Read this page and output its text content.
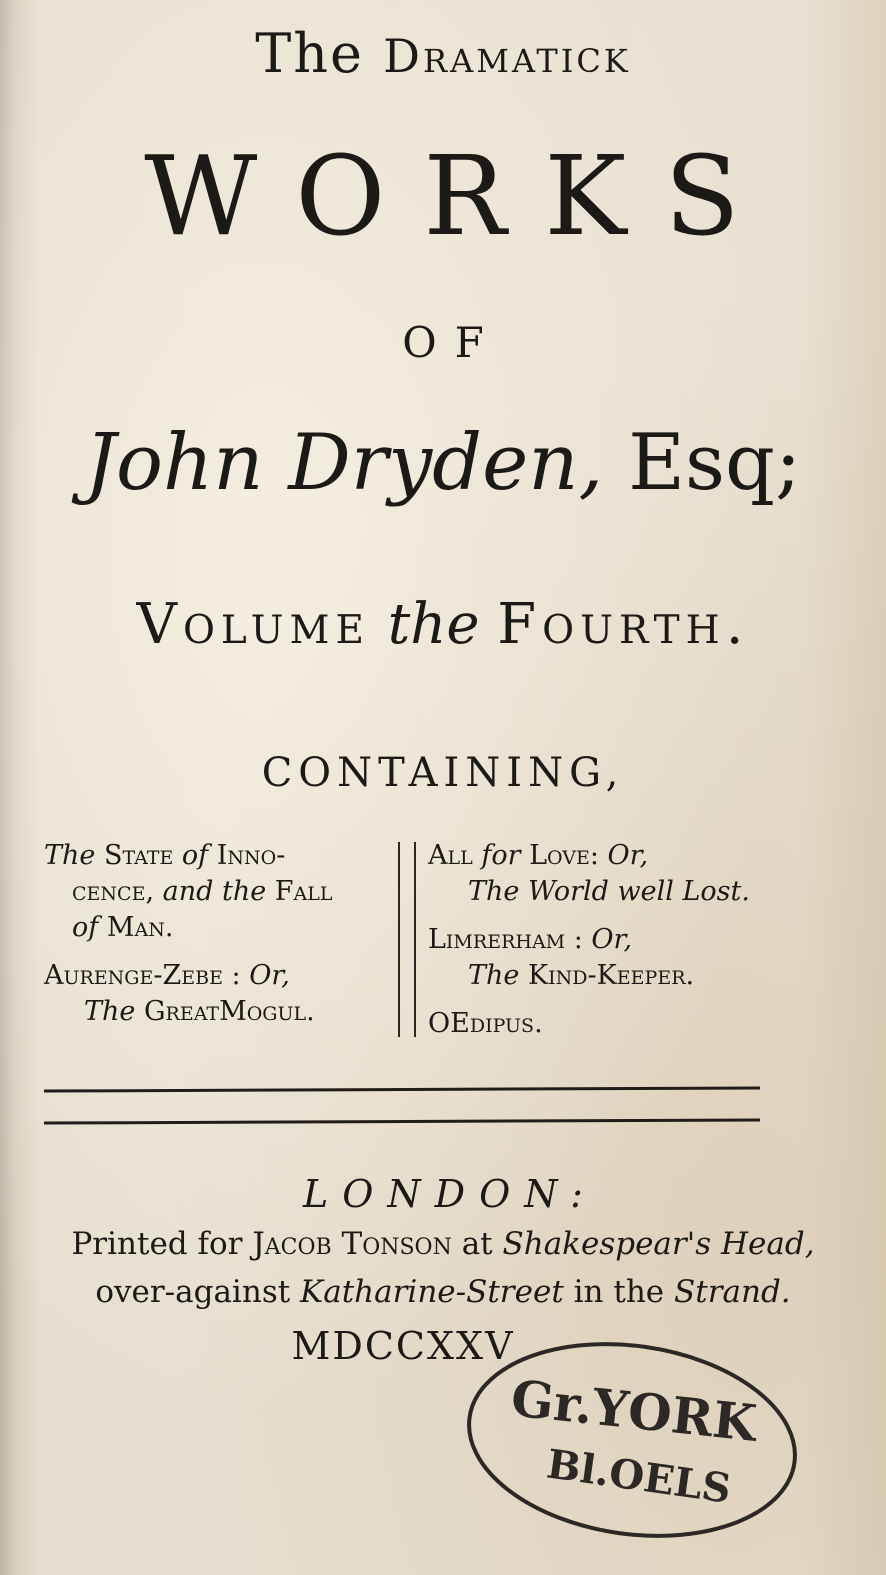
The Dramatick
WORKS
OF
John Dryden, Esq;
Volume the Fourth.
CONTAINING,
The State of Inno-
cence, and the Fall
of Man.
Aurenge-Zebe : Or,
The GreatMogul.
All for Love: Or,
The World well Lost.
Limrerham : Or,
The Kind-Keeper.
OEdipus.
LONDON:
Printed for Jacob Tonson at Shakespear's Head,
over-against Katharine-Street in the Strand.
MDCCXXV
Gr.YORK
Bl.OELS
